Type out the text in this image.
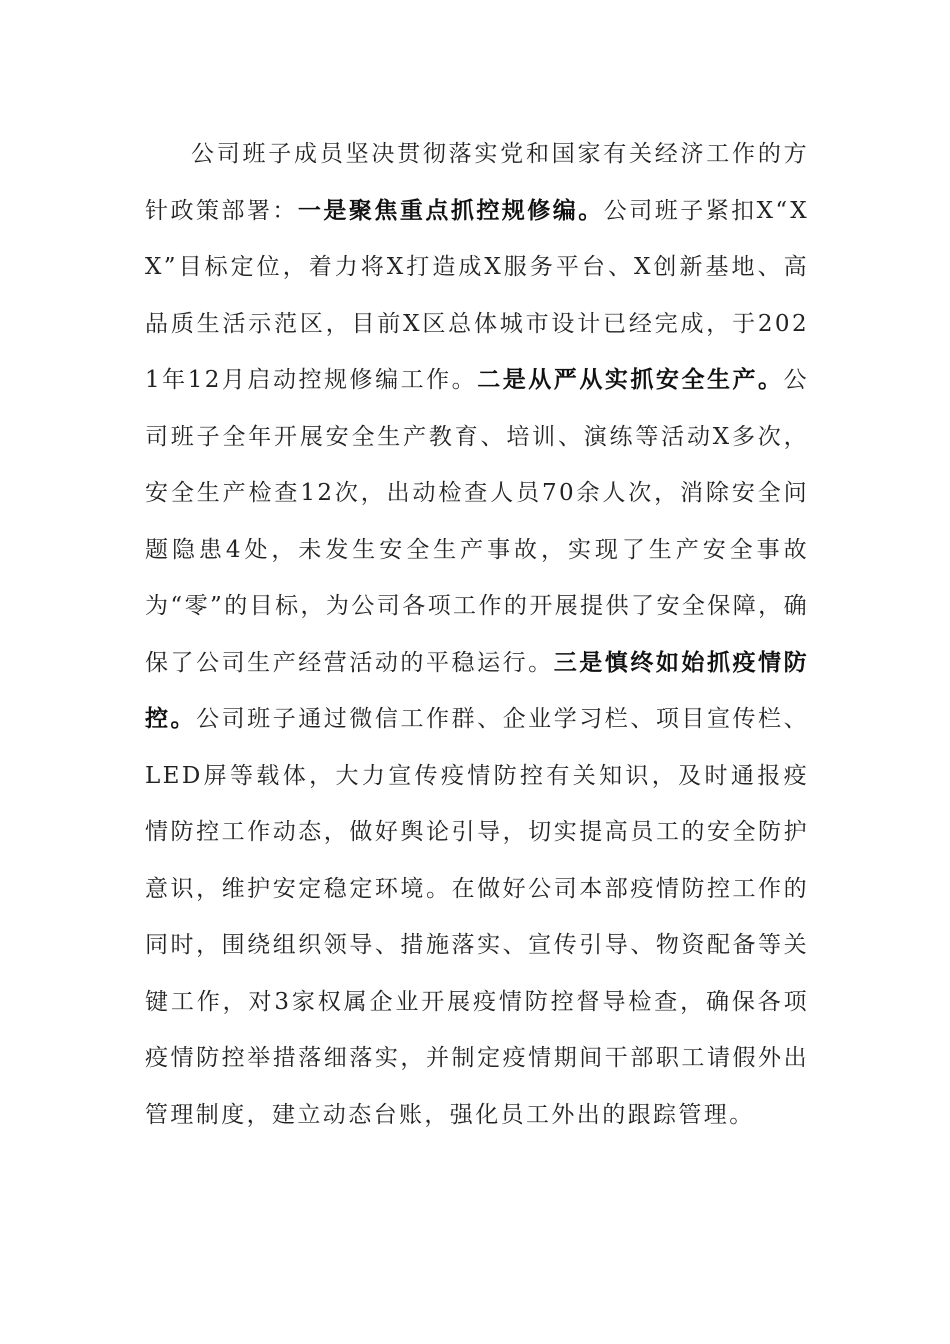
公司班子成员坚决贯彻落实党和国家有关经济工作的方针政策部署：一是聚焦重点抓控规修编。公司班子紧扣X“XX”目标定位，着力将X打造成X服务平台、X创新基地、高品质生活示范区，目前X区总体城市设计已经完成，于2021年12月启动控规修编工作。二是从严从实抓安全生产。公司班子全年开展安全生产教育、培训、演练等活动X多次，安全生产检查12次，出动检查人员70余人次，消除安全问题隐患4处，未发生安全生产事故，实现了生产安全事故为“零”的目标，为公司各项工作的开展提供了安全保障，确保了公司生产经营活动的平稳运行。三是慎终如始抓疫情防控。公司班子通过微信工作群、企业学习栏、项目宣传栏、LED屏等载体，大力宣传疫情防控有关知识，及时通报疫情防控工作动态，做好舆论引导，切实提高员工的安全防护意识，维护安定稳定环境。在做好公司本部疫情防控工作的同时，围绕组织领导、措施落实、宣传引导、物资配备等关键工作，对3家权属企业开展疫情防控督导检查，确保各项疫情防控举措落细落实，并制定疫情期间干部职工请假外出管理制度，建立动态台账，强化员工外出的跟踪管理。
